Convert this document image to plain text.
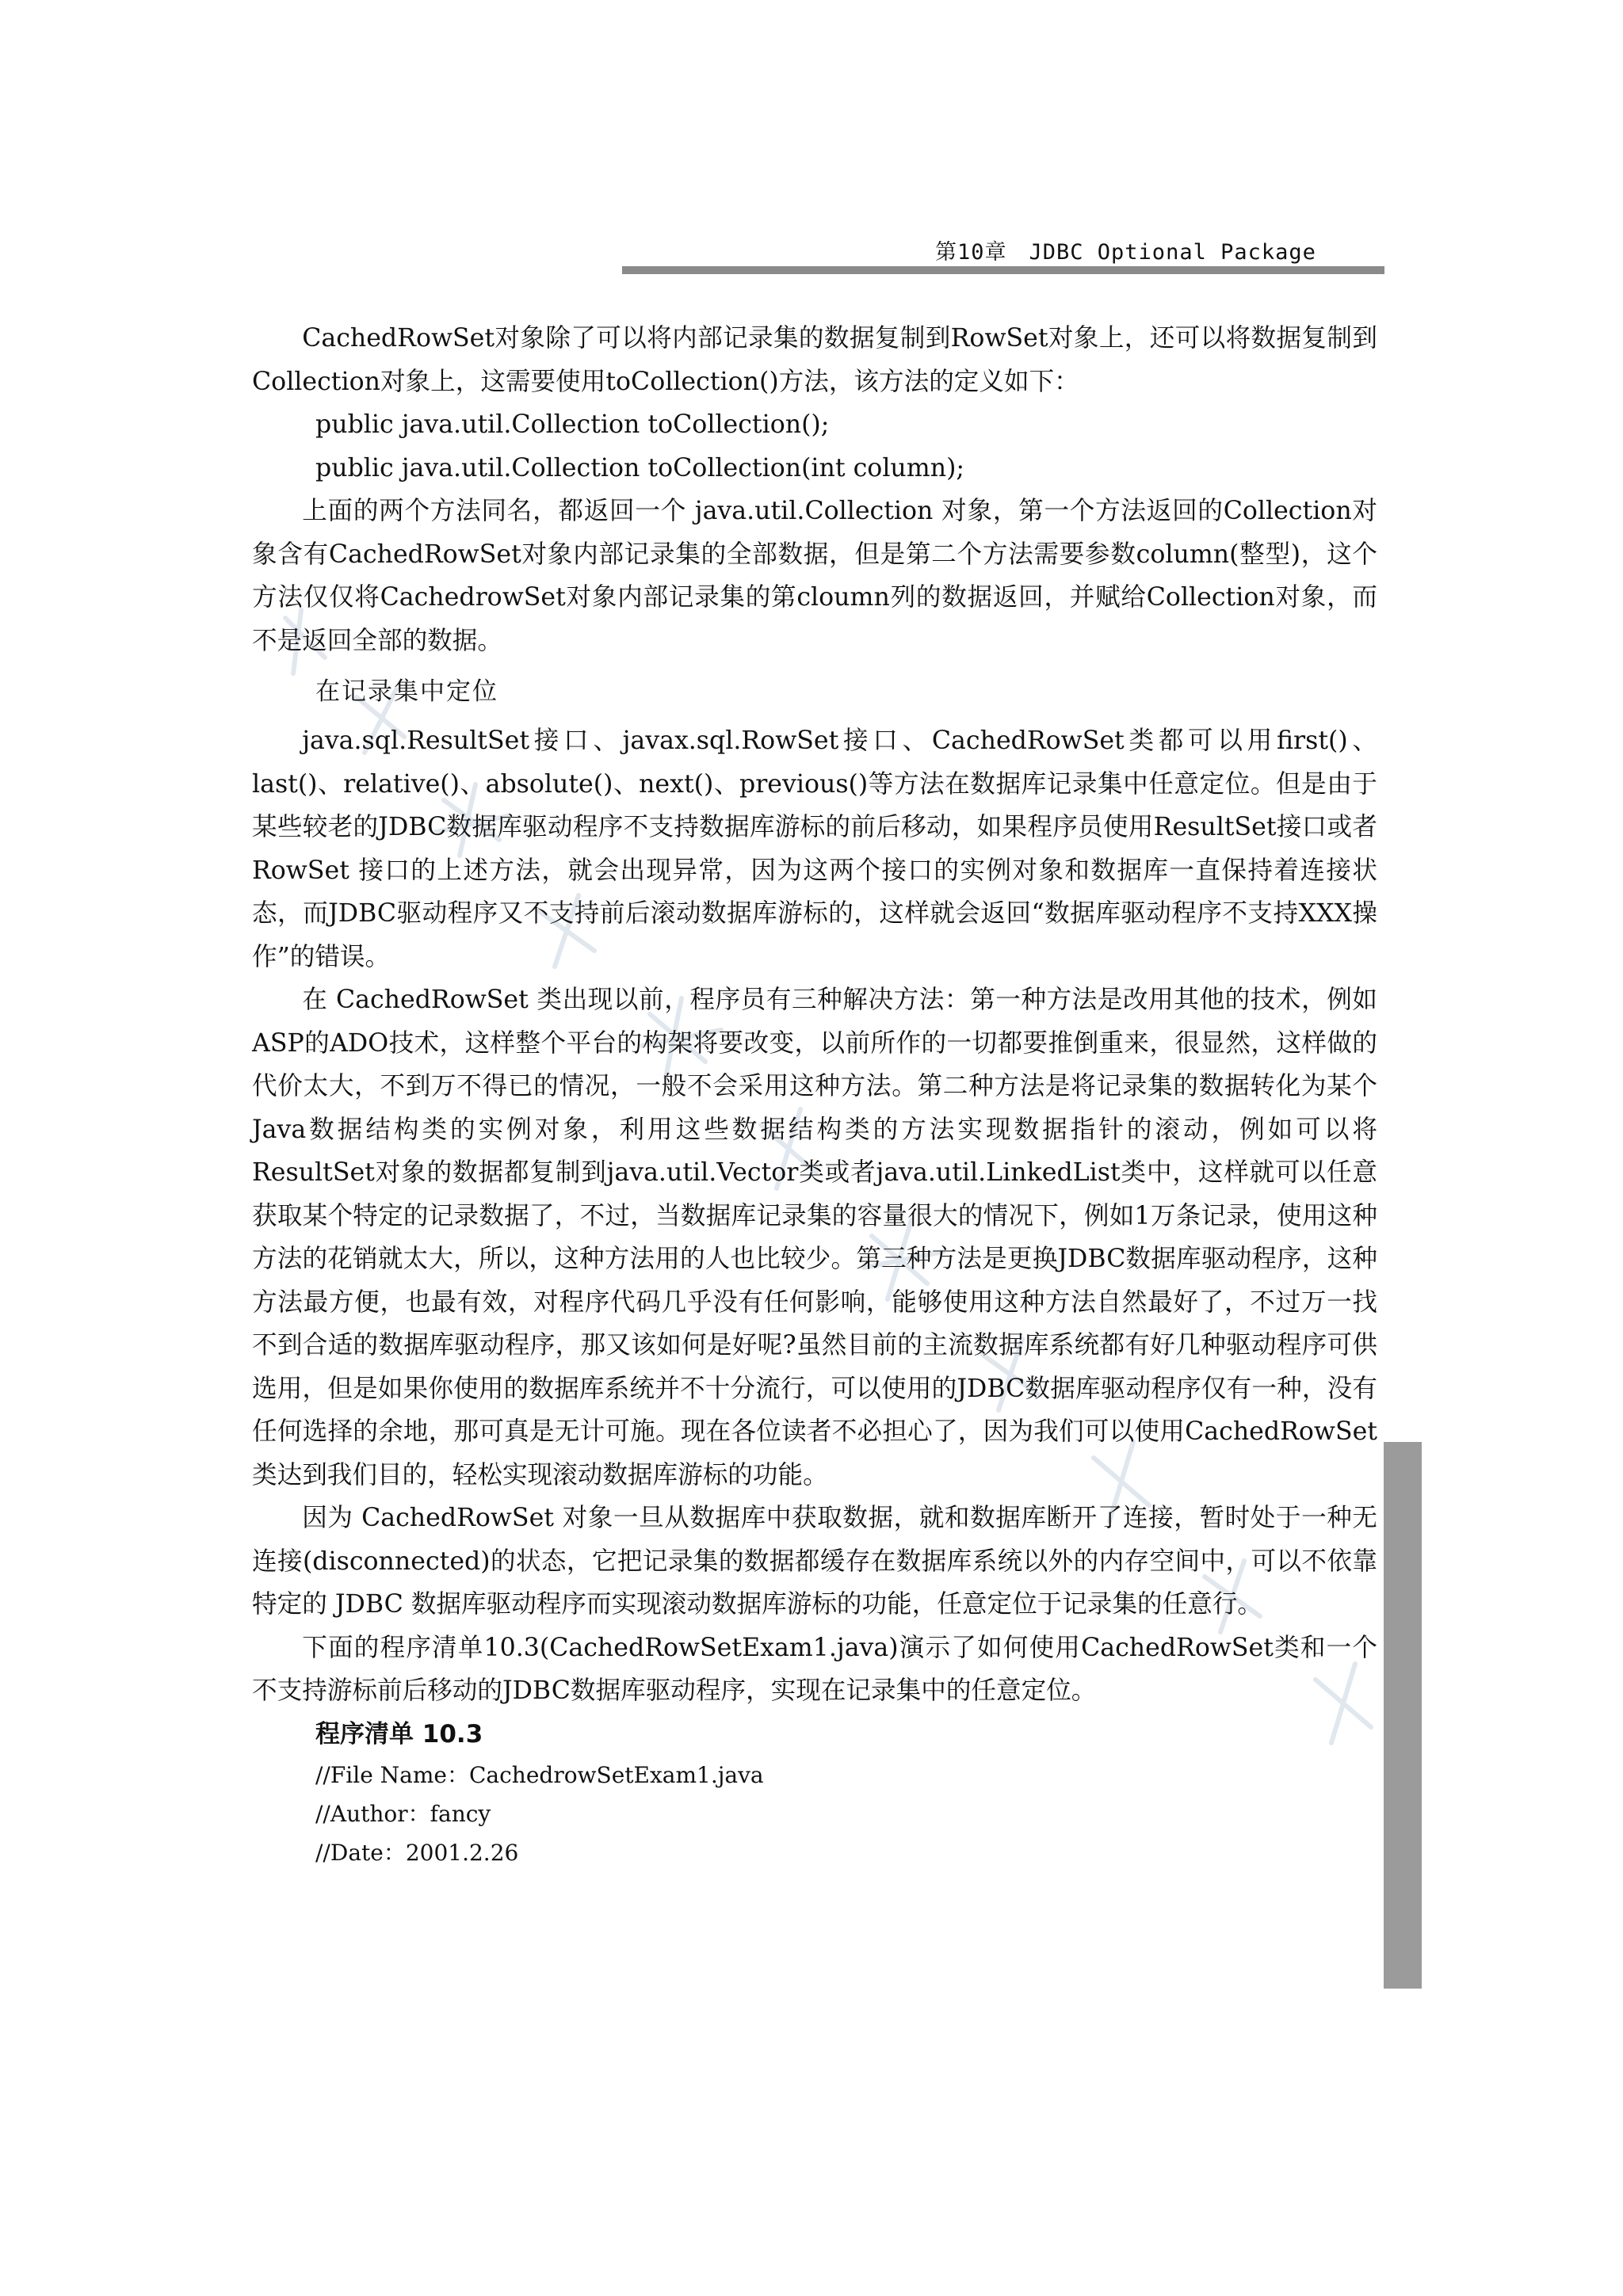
第10章　JDBC Optional Package

CachedRowSet对象除了可以将内部记录集的数据复制到RowSet对象上，还可以将数据复制到Collection对象上，这需要使用toCollection()方法，该方法的定义如下：

public java.util.Collection toCollection();

public java.util.Collection toCollection(int column);

上面的两个方法同名，都返回一个 java.util.Collection 对象，第一个方法返回的Collection对象含有CachedRowSet对象内部记录集的全部数据，但是第二个方法需要参数column(整型)，这个方法仅仅将CachedrowSet对象内部记录集的第cloumn列的数据返回，并赋给Collection对象，而不是返回全部的数据。

在记录集中定位

java.sql.ResultSet接口、javax.sql.RowSet接口、CachedRowSet类都可以用first()、last()、relative()、absolute()、next()、previous()等方法在数据库记录集中任意定位。但是由于某些较老的JDBC数据库驱动程序不支持数据库游标的前后移动，如果程序员使用ResultSet接口或者 RowSet 接口的上述方法，就会出现异常，因为这两个接口的实例对象和数据库一直保持着连接状态，而JDBC驱动程序又不支持前后滚动数据库游标的，这样就会返回“数据库驱动程序不支持XXX操作”的错误。

在 CachedRowSet 类出现以前，程序员有三种解决方法：第一种方法是改用其他的技术，例如ASP的ADO技术，这样整个平台的构架将要改变，以前所作的一切都要推倒重来，很显然，这样做的代价太大，不到万不得已的情况，一般不会采用这种方法。第二种方法是将记录集的数据转化为某个Java数据结构类的实例对象，利用这些数据结构类的方法实现数据指针的滚动，例如可以将ResultSet对象的数据都复制到java.util.Vector类或者java.util.LinkedList类中，这样就可以任意获取某个特定的记录数据了，不过，当数据库记录集的容量很大的情况下，例如1万条记录，使用这种方法的花销就太大，所以，这种方法用的人也比较少。第三种方法是更换JDBC数据库驱动程序，这种方法最方便，也最有效，对程序代码几乎没有任何影响，能够使用这种方法自然最好了，不过万一找不到合适的数据库驱动程序，那又该如何是好呢?虽然目前的主流数据库系统都有好几种驱动程序可供选用，但是如果你使用的数据库系统并不十分流行，可以使用的JDBC数据库驱动程序仅有一种，没有任何选择的余地，那可真是无计可施。现在各位读者不必担心了，因为我们可以使用CachedRowSet类达到我们目的，轻松实现滚动数据库游标的功能。

因为 CachedRowSet 对象一旦从数据库中获取数据，就和数据库断开了连接，暂时处于一种无连接(disconnected)的状态，它把记录集的数据都缓存在数据库系统以外的内存空间中，可以不依靠特定的 JDBC 数据库驱动程序而实现滚动数据库游标的功能，任意定位于记录集的任意行。

下面的程序清单10.3(CachedRowSetExam1.java)演示了如何使用CachedRowSet类和一个不支持游标前后移动的JDBC数据库驱动程序，实现在记录集中的任意定位。

程序清单 10.3
//File Name：CachedrowSetExam1.java
//Author：fancy
//Date：2001.2.26
